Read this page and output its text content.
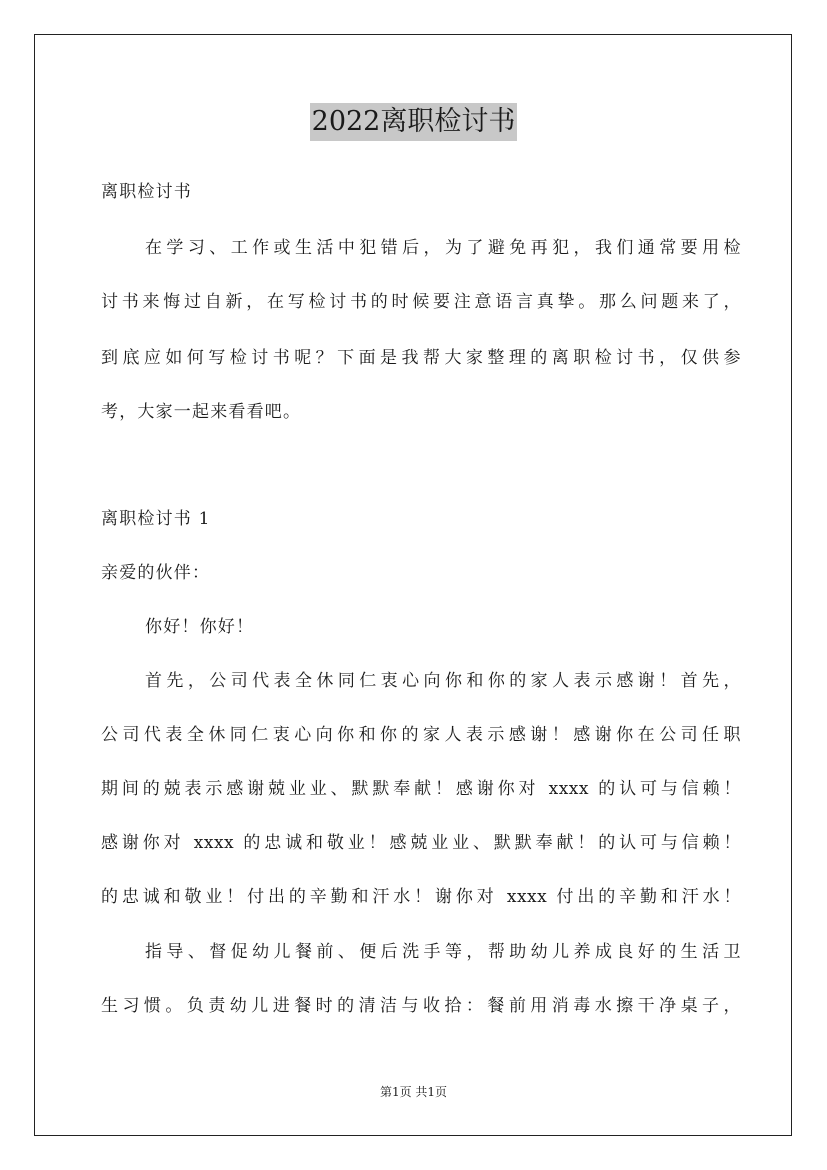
2022离职检讨书
离职检讨书
在学习、工作或生活中犯错后，为了避免再犯，我们通常要用检
讨书来悔过自新，在写检讨书的时候要注意语言真挚。那么问题来了，
到底应如何写检讨书呢？下面是我帮大家整理的离职检讨书，仅供参
考，大家一起来看看吧。
离职检讨书 1
亲爱的伙伴：
你好！你好！
首先，公司代表全休同仁衷心向你和你的家人表示感谢！首先，
公司代表全休同仁衷心向你和你的家人表示感谢！感谢你在公司任职
期间的兢表示感谢兢业业、默默奉献！感谢你对 xxxx 的认可与信赖！
感谢你对 xxxx 的忠诚和敬业！感兢业业、默默奉献！的认可与信赖！
的忠诚和敬业！付出的辛勤和汗水！谢你对 xxxx 付出的辛勤和汗水！
指导、督促幼儿餐前、便后洗手等，帮助幼儿养成良好的生活卫
生习惯。负责幼儿进餐时的清洁与收拾：餐前用消毒水擦干净桌子，
第1页 共1页
